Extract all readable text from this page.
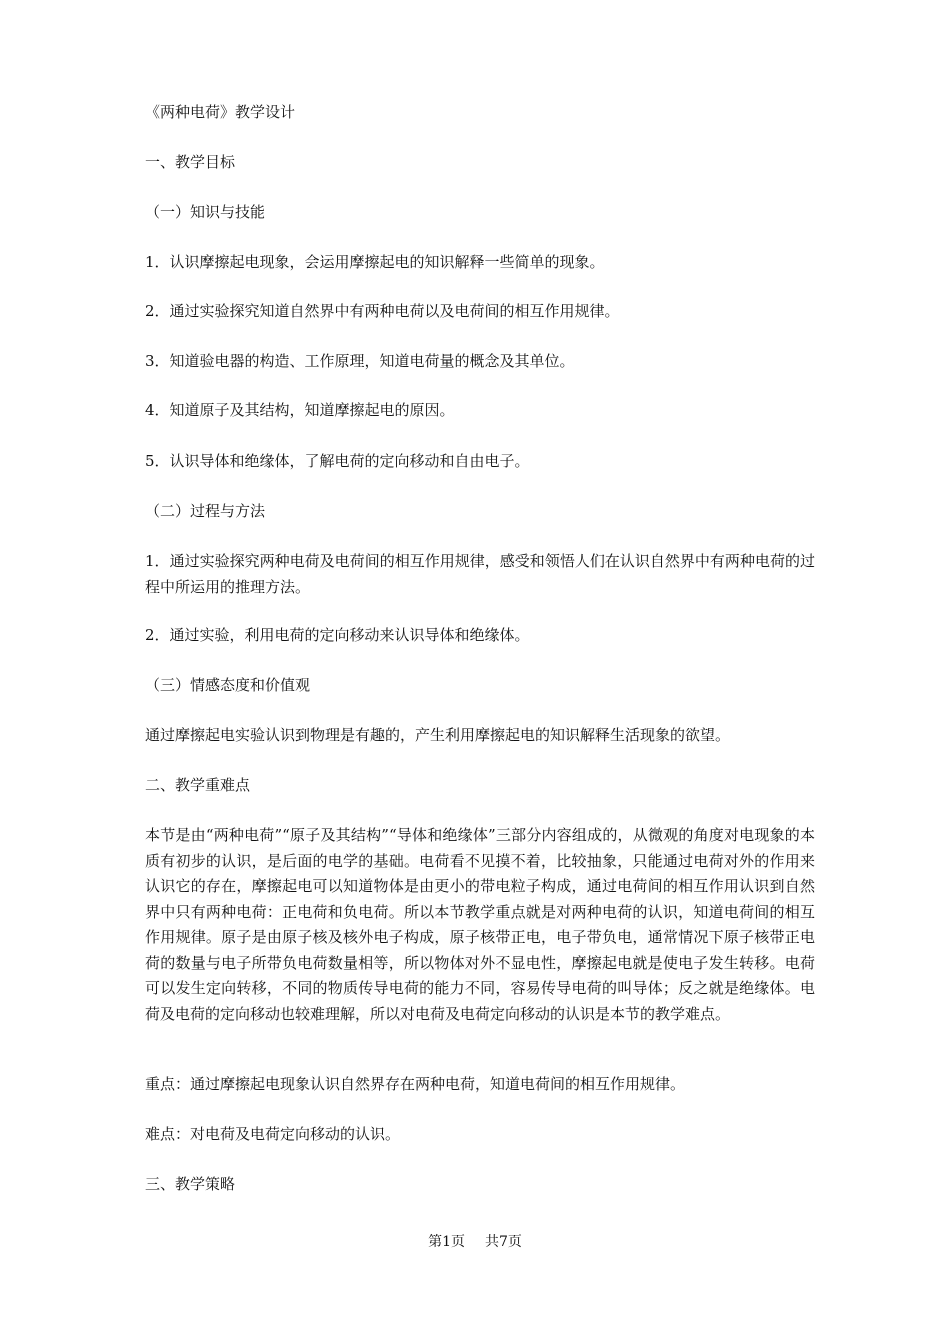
《两种电荷》教学设计
一、教学目标
（一）知识与技能
1．认识摩擦起电现象，会运用摩擦起电的知识解释一些简单的现象。
2．通过实验探究知道自然界中有两种电荷以及电荷间的相互作用规律。
3．知道验电器的构造、工作原理，知道电荷量的概念及其单位。
4．知道原子及其结构，知道摩擦起电的原因。
5．认识导体和绝缘体，了解电荷的定向移动和自由电子。
（二）过程与方法
1．通过实验探究两种电荷及电荷间的相互作用规律，感受和领悟人们在认识自然界中有两种电荷的过程中所运用的推理方法。
2．通过实验，利用电荷的定向移动来认识导体和绝缘体。
（三）情感态度和价值观
通过摩擦起电实验认识到物理是有趣的，产生利用摩擦起电的知识解释生活现象的欲望。
二、教学重难点
本节是由“两种电荷”“原子及其结构”“导体和绝缘体”三部分内容组成的，从微观的角度对电现象的本质有初步的认识，是后面的电学的基础。电荷看不见摸不着，比较抽象，只能通过电荷对外的作用来认识它的存在，摩擦起电可以知道物体是由更小的带电粒子构成，通过电荷间的相互作用认识到自然界中只有两种电荷：正电荷和负电荷。所以本节教学重点就是对两种电荷的认识，知道电荷间的相互作用规律。原子是由原子核及核外电子构成，原子核带正电，电子带负电，通常情况下原子核带正电荷的数量与电子所带负电荷数量相等，所以物体对外不显电性，摩擦起电就是使电子发生转移。电荷可以发生定向转移，不同的物质传导电荷的能力不同，容易传导电荷的叫导体；反之就是绝缘体。电荷及电荷的定向移动也较难理解，所以对电荷及电荷定向移动的认识是本节的教学难点。
重点：通过摩擦起电现象认识自然界存在两种电荷，知道电荷间的相互作用规律。
难点：对电荷及电荷定向移动的认识。
三、教学策略
第1页 共7页
